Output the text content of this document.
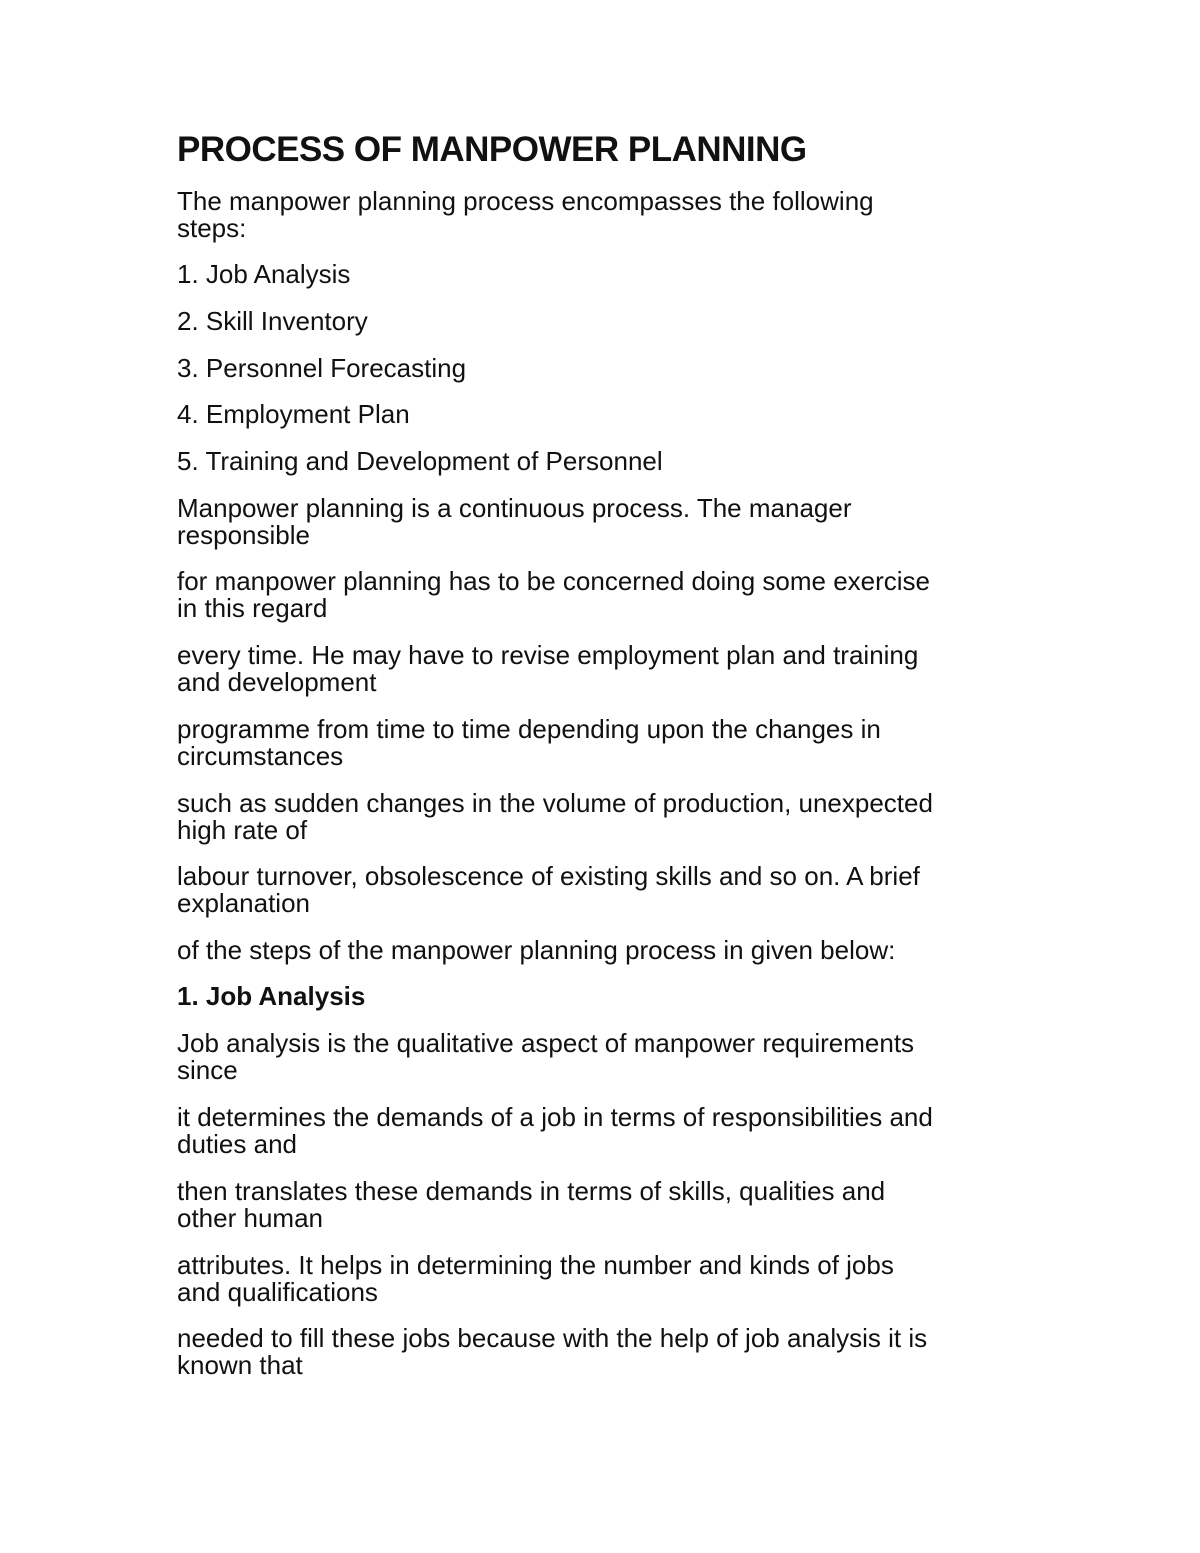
PROCESS OF MANPOWER PLANNING

The manpower planning process encompasses the following
steps:

1. Job Analysis

2. Skill Inventory

3. Personnel Forecasting

4. Employment Plan

5. Training and Development of Personnel

Manpower planning is a continuous process. The manager
responsible

for manpower planning has to be concerned doing some exercise
in this regard

every time. He may have to revise employment plan and training
and development

programme from time to time depending upon the changes in
circumstances

such as sudden changes in the volume of production, unexpected
high rate of

labour turnover, obsolescence of existing skills and so on. A brief
explanation

of the steps of the manpower planning process in given below:

1. Job Analysis

Job analysis is the qualitative aspect of manpower requirements
since

it determines the demands of a job in terms of responsibilities and
duties and

then translates these demands in terms of skills, qualities and
other human

attributes. It helps in determining the number and kinds of jobs
and qualifications

needed to fill these jobs because with the help of job analysis it is
known that
